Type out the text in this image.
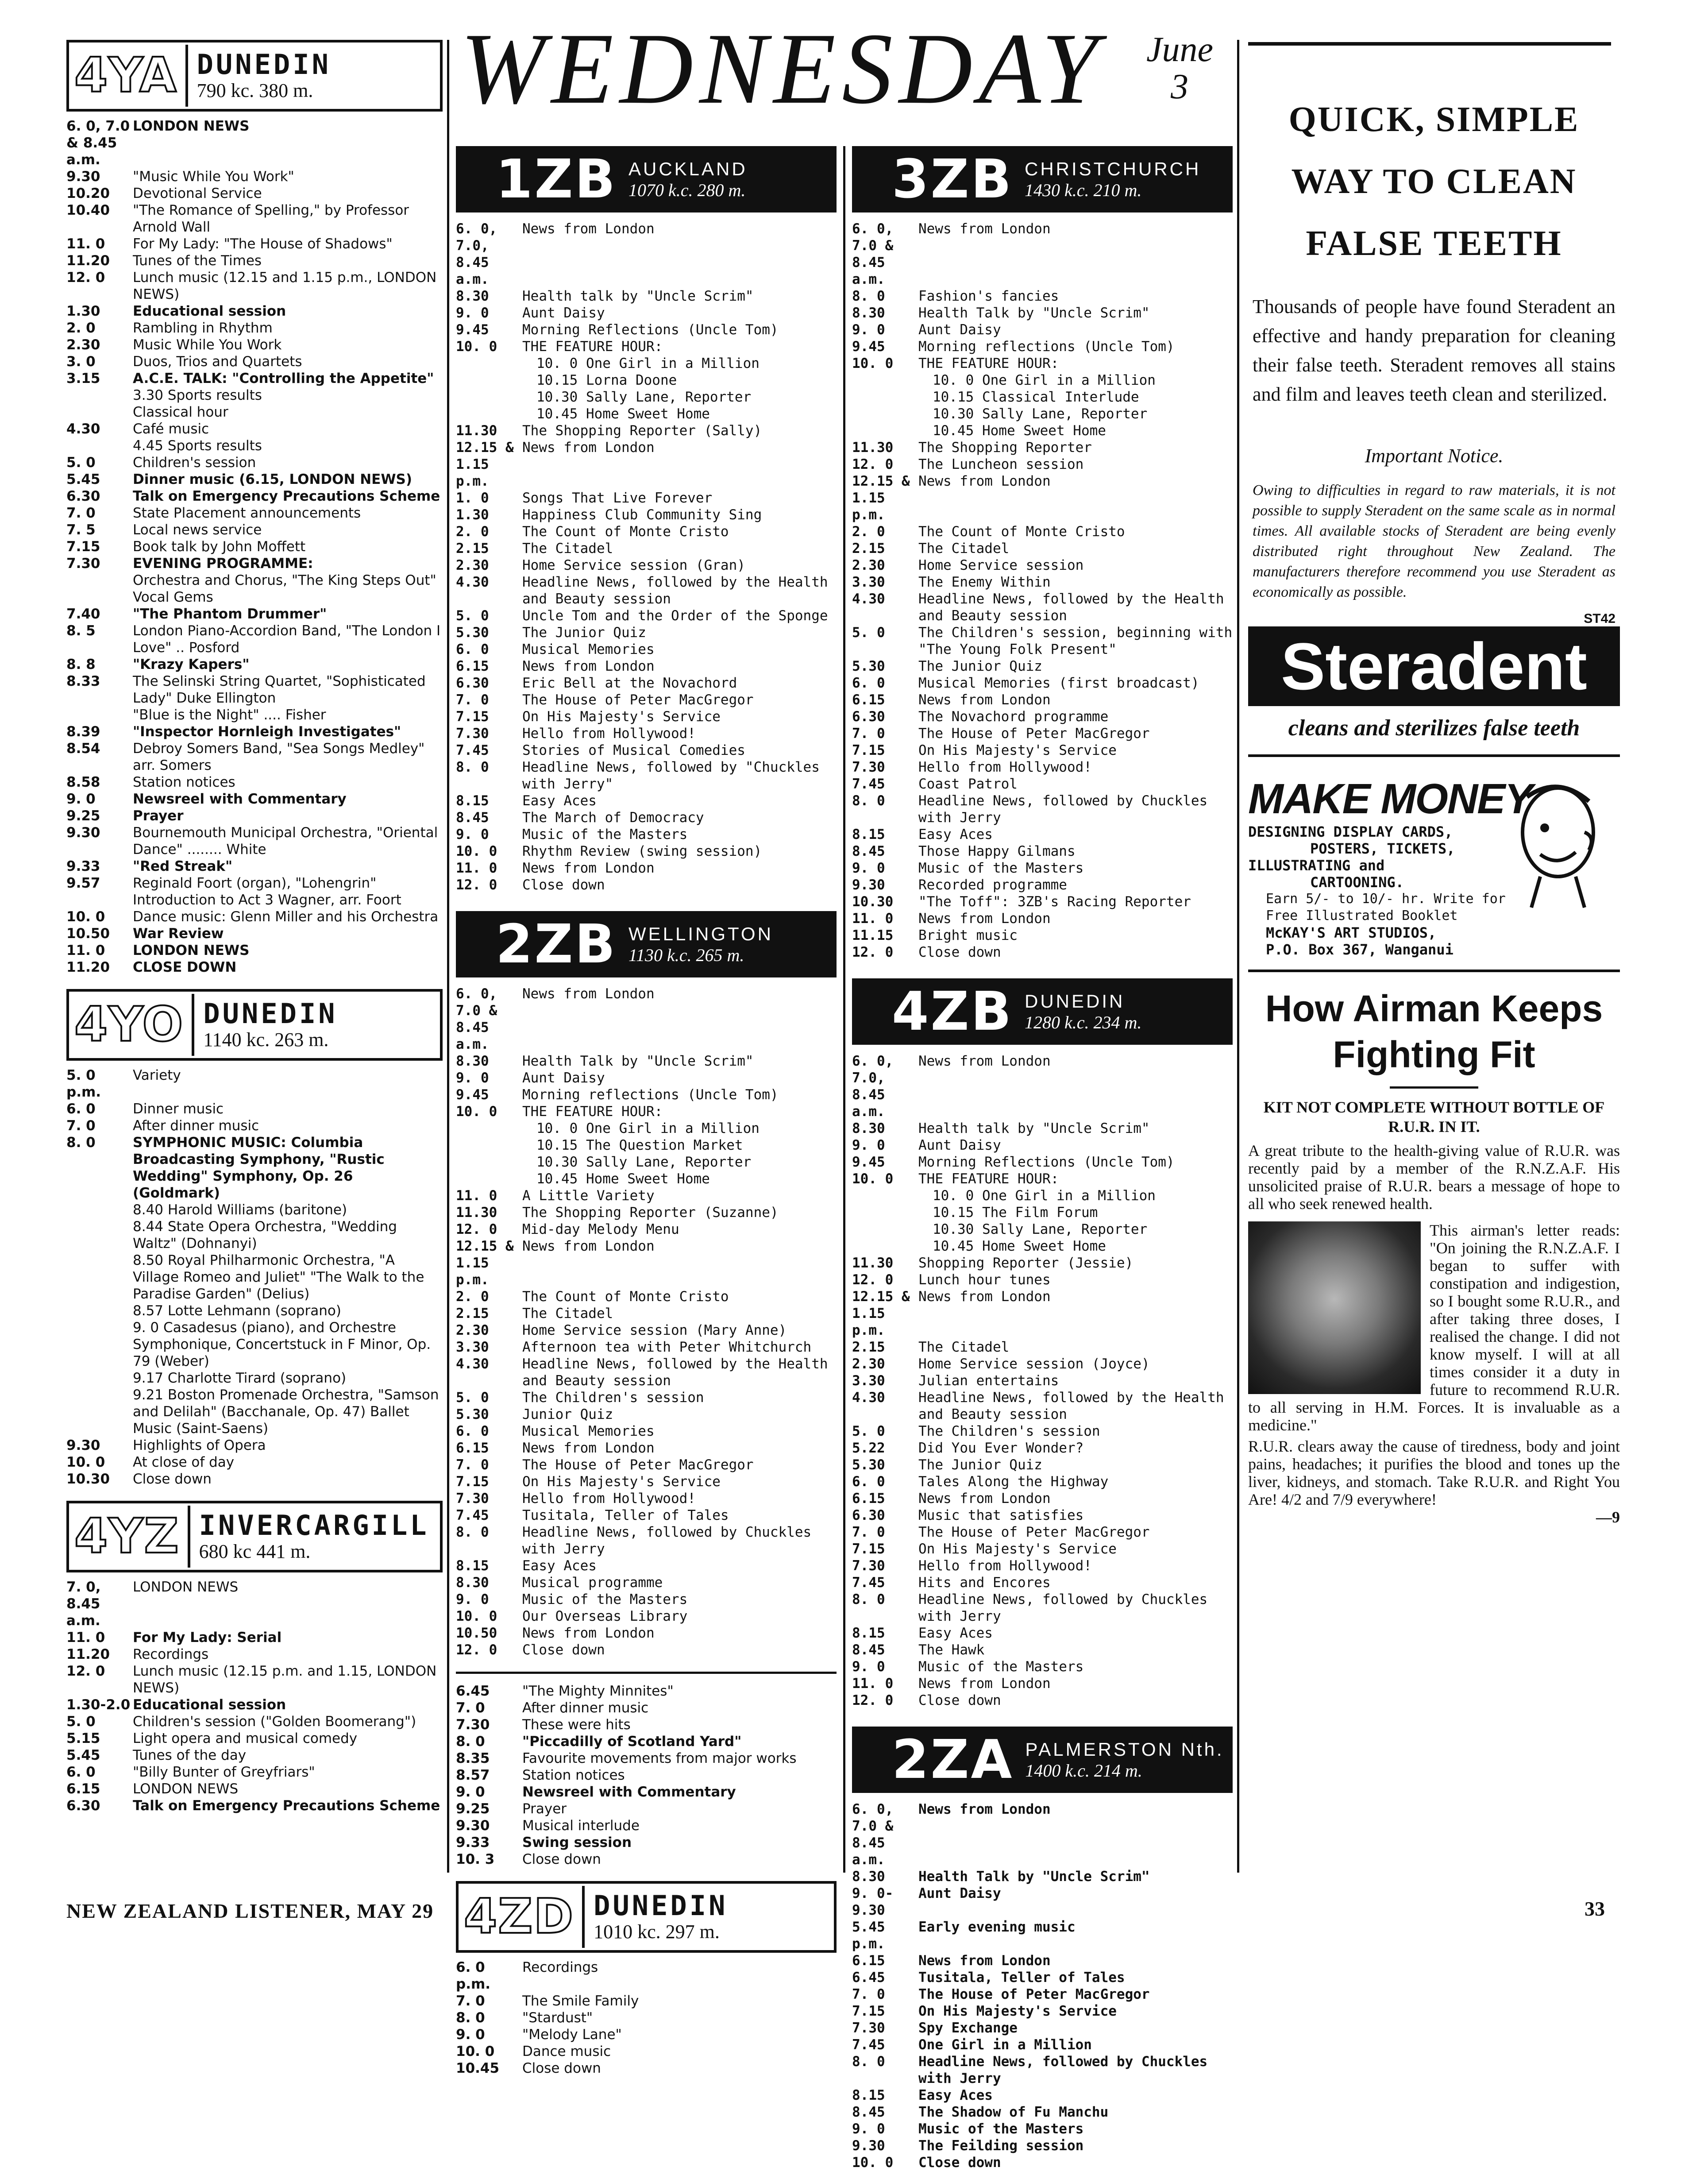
WEDNESDAY June
3
4YA DUNEDIN
790 kc. 380 m.
6. 0, 7.0 & 8.45 a.m.
LONDON NEWS
9.30	"Music While You Work"
10.20	Devotional Service
10.40	"The Romance of Spelling," by Professor Arnold Wall
11. 0	For My Lady: "The House of Shadows"
11.20	Tunes of the Times
12. 0	Lunch music (12.15 and 1.15 p.m., LONDON NEWS)
1.30	Educational session
2. 0	Rambling in Rhythm
2.30	Music While You Work
3. 0	Duos, Trios and Quartets
3.15	A.C.E. TALK: "Controlling the Appetite"
3.30 Sports results
Classical hour
4.30	Café music
4.45 Sports results
5. 0	Children's session
5.45	Dinner music (6.15, LONDON NEWS)
6.30	Talk on Emergency Precautions Scheme
7. 0	State Placement announcements
7. 5	Local news service
7.15	Book talk by John Moffett
7.30	EVENING PROGRAMME:
Orchestra and Chorus, "The King Steps Out" Vocal Gems
7.40	"The Phantom Drummer"
8. 5	London Piano-Accordion Band, "The London I Love" .. Posford
8. 8	"Krazy Kapers"
8.33	The Selinski String Quartet, "Sophisticated Lady" Duke Ellington
"Blue is the Night" .... Fisher
8.39	"Inspector Hornleigh Investigates"
8.54	Debroy Somers Band, "Sea Songs Medley" arr. Somers
8.58	Station notices
9. 0	Newsreel with Commentary
9.25	Prayer
9.30	Bournemouth Municipal Orchestra, "Oriental Dance" ........ White
9.33	"Red Streak"
9.57	Reginald Foort (organ), "Lohengrin" Introduction to Act 3 Wagner, arr. Foort
10. 0	Dance music: Glenn Miller and his Orchestra
10.50	War Review
11. 0	LONDON NEWS
11.20	CLOSE DOWN
4YO DUNEDIN
1140 kc. 263 m.
5. 0 p.m.
Variety
6. 0	Dinner music
7. 0	After dinner music
8. 0	SYMPHONIC MUSIC: Columbia Broadcasting Symphony, "Rustic Wedding" Symphony, Op. 26 (Goldmark)
8.40 Harold Williams (baritone)
8.44 State Opera Orchestra, "Wedding Waltz" (Dohnanyi)
8.50 Royal Philharmonic Orchestra, "A Village Romeo and Juliet" "The Walk to the Paradise Garden" (Delius)
8.57 Lotte Lehmann (soprano)
9. 0 Casadesus (piano), and Orchestre Symphonique, Concertstuck in F Minor, Op. 79 (Weber)
9.17 Charlotte Tirard (soprano)
9.21 Boston Promenade Orchestra, "Samson and Delilah" (Bacchanale, Op. 47) Ballet Music (Saint-Saens)
9.30	Highlights of Opera
10. 0	At close of day
10.30	Close down
4YZ INVERCARGILL
680 kc 441 m.
7. 0, 8.45 a.m.
LONDON NEWS
11. 0	For My Lady: Serial
11.20	Recordings
12. 0	Lunch music (12.15 p.m. and 1.15, LONDON NEWS)
1.30-2.0 Educational session
5. 0	Children's session ("Golden Boomerang")
5.15	Light opera and musical comedy
5.45	Tunes of the day
6. 0	"Billy Bunter of Greyfriars"
6.15	LONDON NEWS
6.30	Talk on Emergency Precautions Scheme
1ZB AUCKLAND
1070 k.c. 280 m.
6. 0, 7.0, 8.45 a.m.
News from London
8.30	Health talk by "Uncle Scrim"
9. 0	Aunt Daisy
9.45	Morning Reflections (Uncle Tom)
10. 0	THE FEATURE HOUR:
10. 0 One Girl in a Million
10.15 Lorna Doone
10.30 Sally Lane, Reporter
10.45 Home Sweet Home
11.30	The Shopping Reporter (Sally)
12.15 & 1.15 p.m.
News from London
1. 0	Songs That Live Forever
1.30	Happiness Club Community Sing
2. 0	The Count of Monte Cristo
2.15	The Citadel
2.30	Home Service session (Gran)
4.30	Headline News, followed by the Health and Beauty session
5. 0	Uncle Tom and the Order of the Sponge
5.30	The Junior Quiz
6. 0	Musical Memories
6.15	News from London
6.30	Eric Bell at the Novachord
7. 0	The House of Peter MacGregor
7.15	On His Majesty's Service
7.30	Hello from Hollywood!
7.45	Stories of Musical Comedies
8. 0	Headline News, followed by "Chuckles with Jerry"
8.15	Easy Aces
8.45	The March of Democracy
9. 0	Music of the Masters
10. 0	Rhythm Review (swing session)
11. 0	News from London
12. 0	Close down
2ZB WELLINGTON
1130 k.c. 265 m.
6. 0, 7.0 & 8.45 a.m.
News from London
8.30	Health Talk by "Uncle Scrim"
9. 0	Aunt Daisy
9.45	Morning reflections (Uncle Tom)
10. 0	THE FEATURE HOUR:
10. 0 One Girl in a Million
10.15 The Question Market
10.30 Sally Lane, Reporter
10.45 Home Sweet Home
11. 0	A Little Variety
11.30	The Shopping Reporter (Suzanne)
12. 0	Mid-day Melody Menu
12.15 & 1.15 p.m.
News from London
2. 0	The Count of Monte Cristo
2.15	The Citadel
2.30	Home Service session (Mary Anne)
3.30	Afternoon tea with Peter Whitchurch
4.30	Headline News, followed by the Health and Beauty session
5. 0	The Children's session
5.30	Junior Quiz
6. 0	Musical Memories
6.15	News from London
7. 0	The House of Peter MacGregor
7.15	On His Majesty's Service
7.30	Hello from Hollywood!
7.45	Tusitala, Teller of Tales
8. 0	Headline News, followed by Chuckles with Jerry
8.15	Easy Aces
8.30	Musical programme
9. 0	Music of the Masters
10. 0	Our Overseas Library
10.50	News from London
12. 0	Close down
6.45	"The Mighty Minnites"
7. 0	After dinner music
7.30	These were hits
8. 0	"Piccadilly of Scotland Yard"
8.35	Favourite movements from major works
8.57	Station notices
9. 0	Newsreel with Commentary
9.25	Prayer
9.30	Musical interlude
9.33	Swing session
10. 3	Close down
4ZD DUNEDIN
1010 kc. 297 m.
6. 0 p.m.
Recordings
7. 0	The Smile Family
8. 0	"Stardust"
9. 0	"Melody Lane"
10. 0	Dance music
10.45	Close down
3ZB CHRISTCHURCH
1430 k.c. 210 m.
6. 0, 7.0 & 8.45 a.m.
News from London
8. 0	Fashion's fancies
8.30	Health Talk by "Uncle Scrim"
9. 0	Aunt Daisy
9.45	Morning reflections (Uncle Tom)
10. 0	THE FEATURE HOUR:
10. 0 One Girl in a Million
10.15 Classical Interlude
10.30 Sally Lane, Reporter
10.45 Home Sweet Home
11.30	The Shopping Reporter
12. 0	The Luncheon session
12.15 & 1.15 p.m.
News from London
2. 0	The Count of Monte Cristo
2.15	The Citadel
2.30	Home Service session
3.30	The Enemy Within
4.30	Headline News, followed by the Health and Beauty session
5. 0	The Children's session, beginning with "The Young Folk Present"
5.30	The Junior Quiz
6. 0	Musical Memories (first broadcast)
6.15	News from London
6.30	The Novachord programme
7. 0	The House of Peter MacGregor
7.15	On His Majesty's Service
7.30	Hello from Hollywood!
7.45	Coast Patrol
8. 0	Headline News, followed by Chuckles with Jerry
8.15	Easy Aces
8.45	Those Happy Gilmans
9. 0	Music of the Masters
9.30	Recorded programme
10.30	"The Toff": 3ZB's Racing Reporter
11. 0	News from London
11.15	Bright music
12. 0	Close down
4ZB DUNEDIN
1280 k.c. 234 m.
6. 0, 7.0, 8.45 a.m.
News from London
8.30	Health talk by "Uncle Scrim"
9. 0	Aunt Daisy
9.45	Morning Reflections (Uncle Tom)
10. 0	THE FEATURE HOUR:
10. 0 One Girl in a Million
10.15 The Film Forum
10.30 Sally Lane, Reporter
10.45 Home Sweet Home
11.30	Shopping Reporter (Jessie)
12. 0	Lunch hour tunes
12.15 & 1.15 p.m.
News from London
2.15	The Citadel
2.30	Home Service session (Joyce)
3.30	Julian entertains
4.30	Headline News, followed by the Health and Beauty session
5. 0	The Children's session
5.22	Did You Ever Wonder?
5.30	The Junior Quiz
6. 0	Tales Along the Highway
6.15	News from London
6.30	Music that satisfies
7. 0	The House of Peter MacGregor
7.15	On His Majesty's Service
7.30	Hello from Hollywood!
7.45	Hits and Encores
8. 0	Headline News, followed by Chuckles with Jerry
8.15	Easy Aces
8.45	The Hawk
9. 0	Music of the Masters
11. 0	News from London
12. 0	Close down
2ZA PALMERSTON Nth.
1400 k.c. 214 m.
6. 0, 7.0 & 8.45 a.m.
News from London
8.30	Health Talk by "Uncle Scrim"
9. 0-9.30
Aunt Daisy
5.45 p.m.
Early evening music
6.15	News from London
6.45	Tusitala, Teller of Tales
7. 0	The House of Peter MacGregor
7.15	On His Majesty's Service
7.30	Spy Exchange
7.45	One Girl in a Million
8. 0	Headline News, followed by Chuckles with Jerry
8.15	Easy Aces
8.45	The Shadow of Fu Manchu
9. 0	Music of the Masters
9.30	The Feilding session
10. 0	Close down
QUICK, SIMPLE
WAY TO CLEAN
FALSE TEETH
Thousands of people have found Steradent an effective and handy preparation for cleaning their false teeth. Steradent removes all stains and film and leaves teeth clean and sterilized.
Important Notice.
Owing to difficulties in regard to raw materials, it is not possible to supply Steradent on the same scale as in normal times. All available stocks of Steradent are being evenly distributed right throughout New Zealand. The manufacturers therefore recommend you use Steradent as economically as possible.
ST42
Steradent
cleans and sterilizes false teeth
MAKE MONEY
DESIGNING DISPLAY CARDS,
POSTERS, TICKETS,
ILLUSTRATING and
CARTOONING.
Earn 5/- to 10/- hr. Write for Free Illustrated Booklet
McKAY'S ART STUDIOS,
P.O. Box 367, Wanganui
How Airman Keeps Fighting Fit
KIT NOT COMPLETE WITHOUT BOTTLE OF R.U.R. IN IT.
A great tribute to the health-giving value of R.U.R. was recently paid by a member of the R.N.Z.A.F. His unsolicited praise of R.U.R. bears a message of hope to all who seek renewed health.
This airman's letter reads: "On joining the R.N.Z.A.F. I began to suffer with constipation and indigestion, so I bought some R.U.R., and after taking three doses, I realised the change. I did not know myself. I will at all times consider it a duty in future to recommend R.U.R. to all serving in H.M. Forces. It is invaluable as a medicine."
R.U.R. clears away the cause of tiredness, body and joint pains, headaches; it purifies the blood and tones up the liver, kidneys, and stomach. Take R.U.R. and Right You Are! 4/2 and 7/9 everywhere!
—9
NEW ZEALAND LISTENER, MAY 29	33
